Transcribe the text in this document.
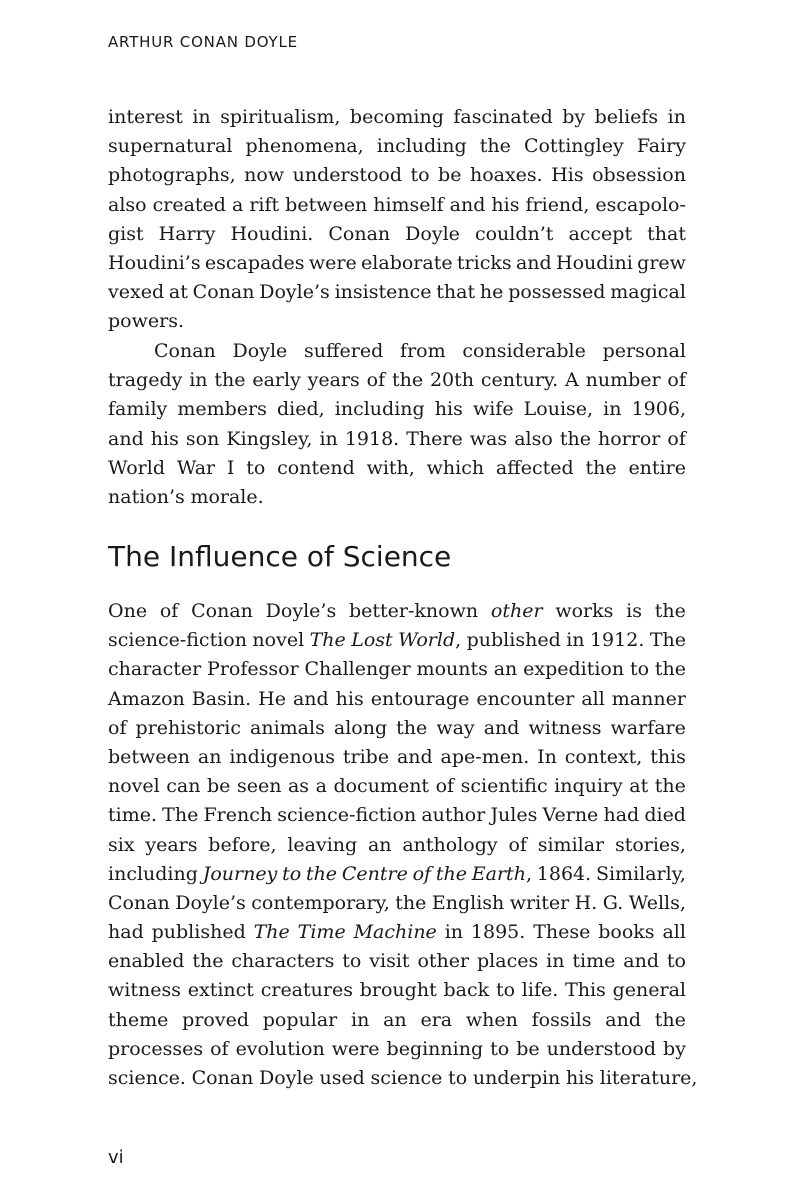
ARTHUR CONAN DOYLE
interest in spiritualism, becoming fascinated by beliefs in
supernatural phenomena, including the Cottingley Fairy
photographs, now understood to be hoaxes. His obsession
also created a rift between himself and his friend, escapolo-
gist Harry Houdini. Conan Doyle couldn’t accept that
Houdini’s escapades were elaborate tricks and Houdini grew
vexed at Conan Doyle’s insistence that he possessed magical
powers.
Conan Doyle suffered from considerable personal
tragedy in the early years of the 20th century. A number of
family members died, including his wife Louise, in 1906,
and his son Kingsley, in 1918. There was also the horror of
World War I to contend with, which affected the entire
nation’s morale.
The Influence of Science
One of Conan Doyle’s better-known other works is the
science-fiction novel The Lost World, published in 1912. The
character Professor Challenger mounts an expedition to the
Amazon Basin. He and his entourage encounter all manner
of prehistoric animals along the way and witness warfare
between an indigenous tribe and ape-men. In context, this
novel can be seen as a document of scientific inquiry at the
time. The French science-fiction author Jules Verne had died
six years before, leaving an anthology of similar stories,
including Journey to the Centre of the Earth, 1864. Similarly,
Conan Doyle’s contemporary, the English writer H. G. Wells,
had published The Time Machine in 1895. These books all
enabled the characters to visit other places in time and to
witness extinct creatures brought back to life. This general
theme proved popular in an era when fossils and the
processes of evolution were beginning to be understood by
science. Conan Doyle used science to underpin his literature,
vi
